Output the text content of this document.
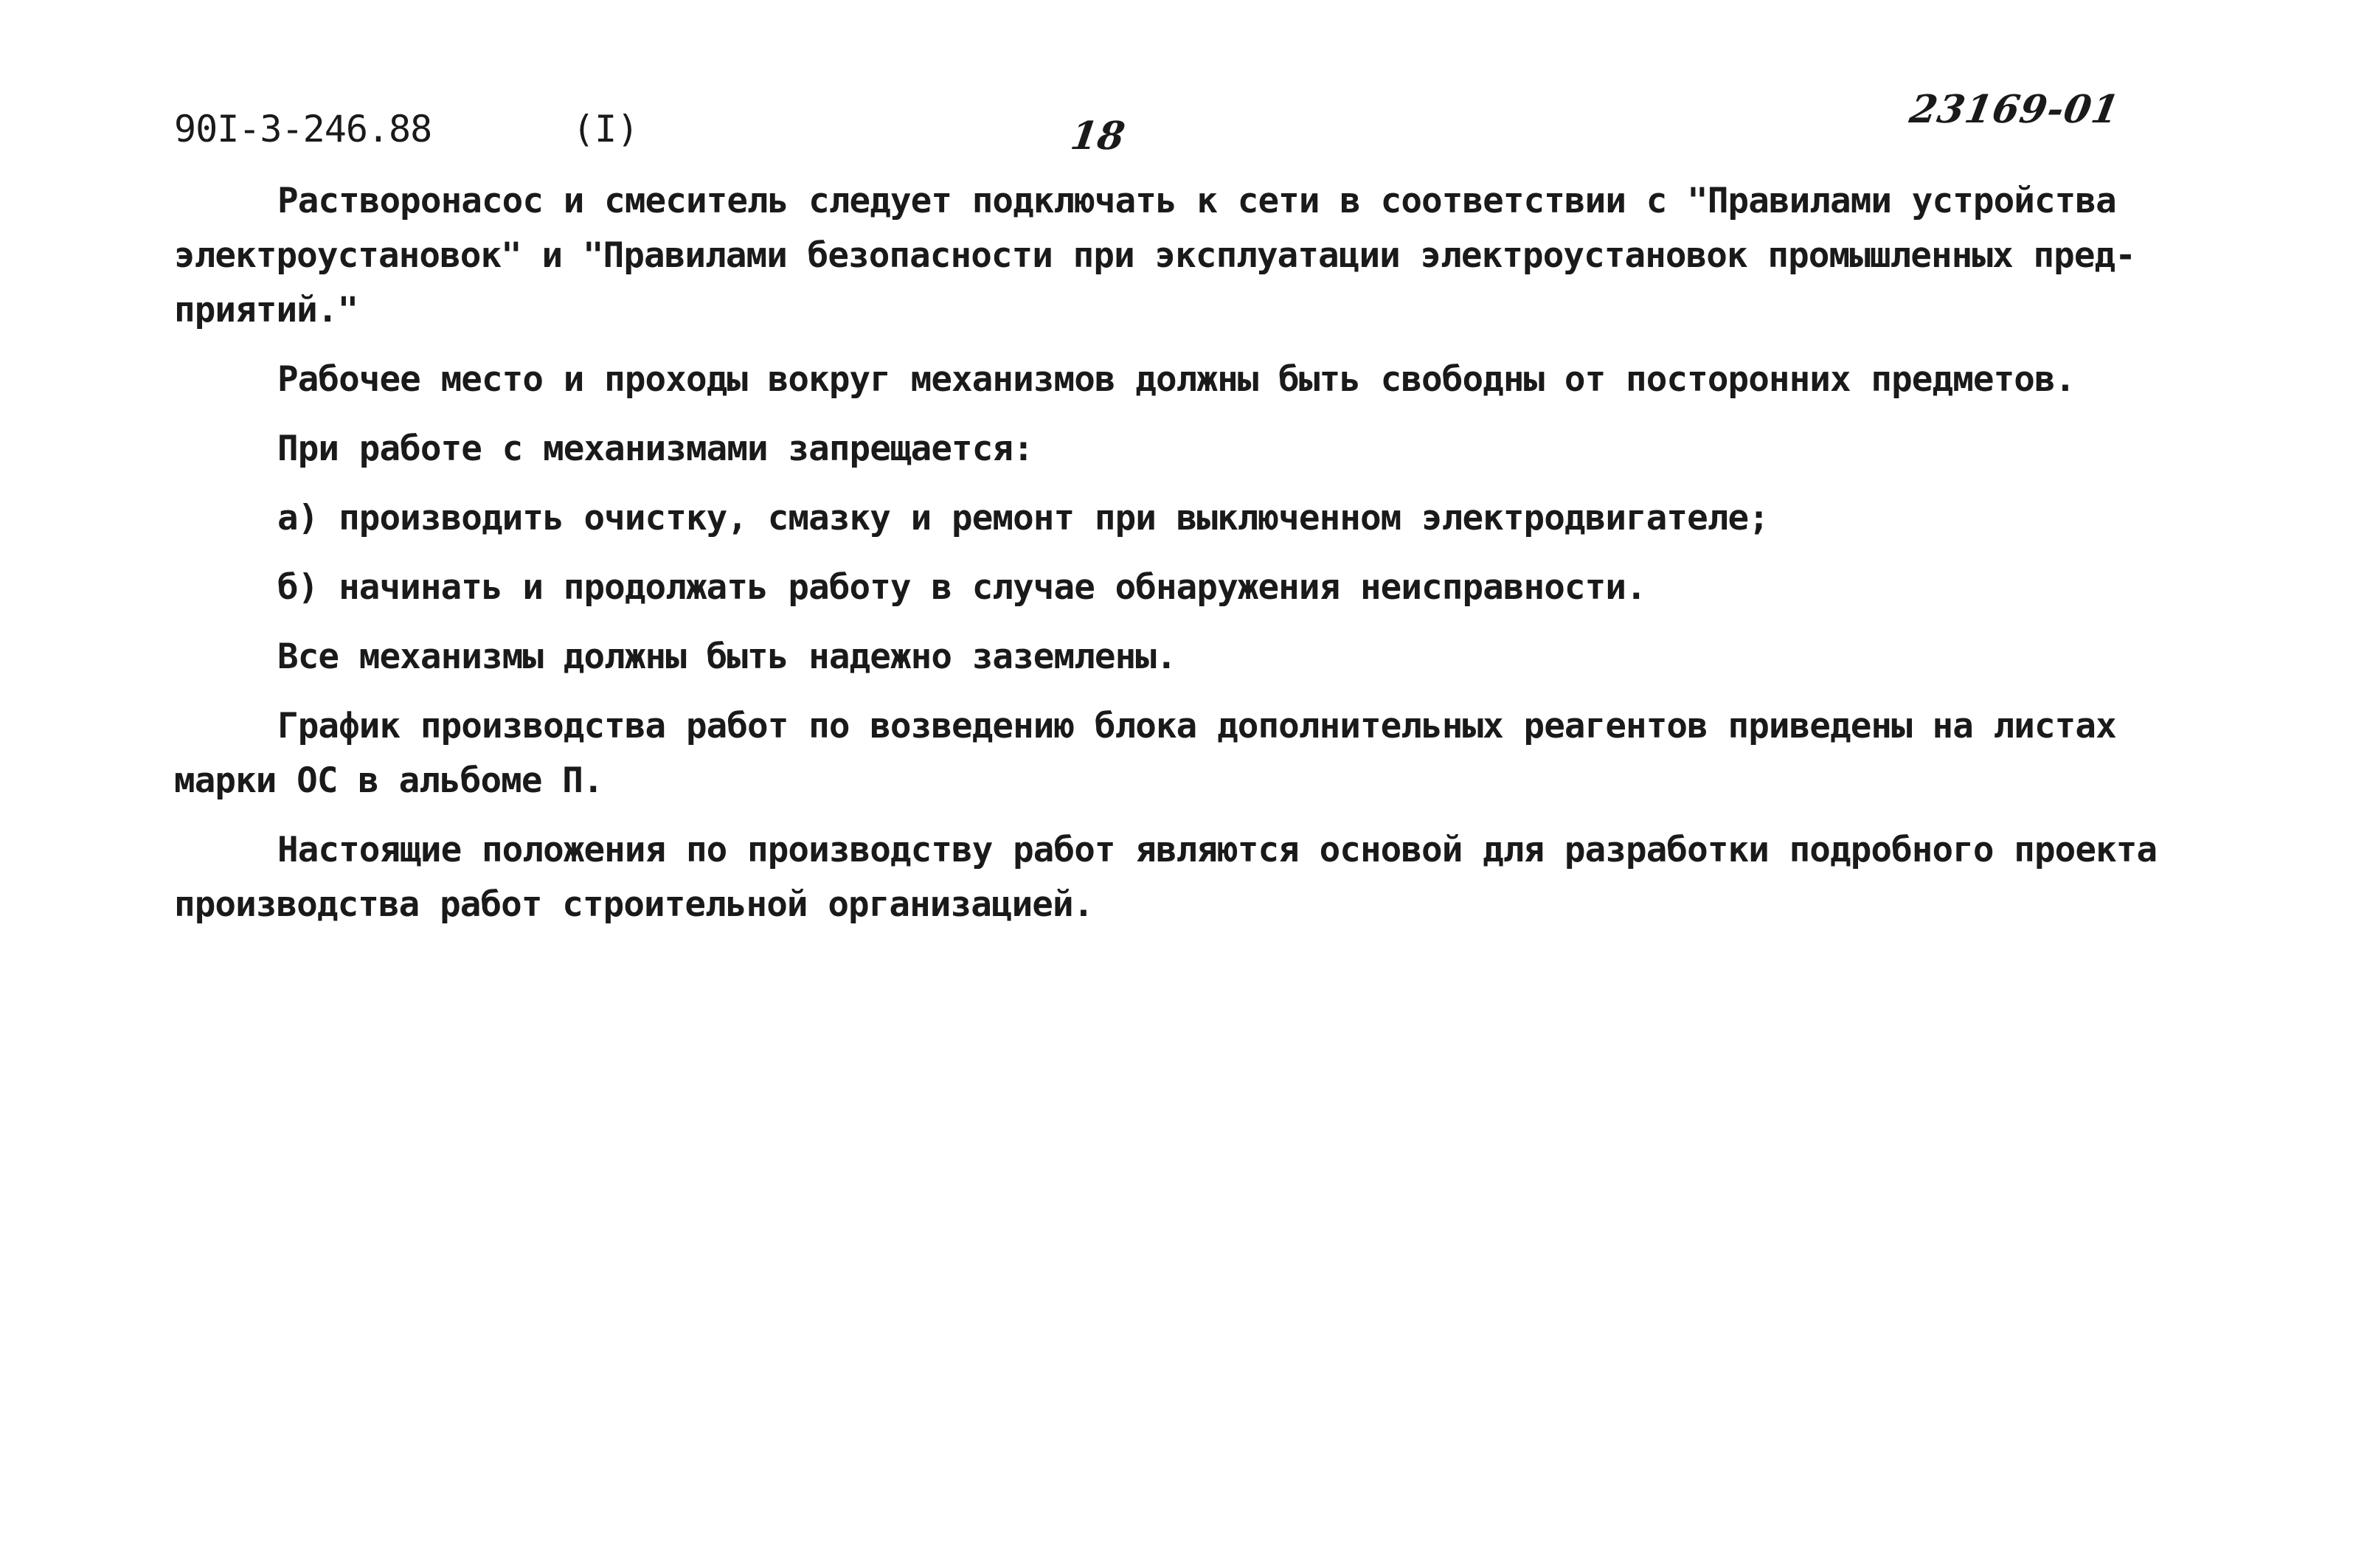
90I-3-246.88	(I)	18
23169-01
Растворонасос и смеситель следует подключать к сети в соответствии с "Правилами устройства
электроустановок" и "Правилами безопасности при эксплуатации электроустановок промышленных пред-
приятий."
Рабочее место и проходы вокруг механизмов должны быть свободны от посторонних предметов.
При работе с механизмами запрещается:
а) производить очистку, смазку и ремонт при выключенном электродвигателе;
б) начинать и продолжать работу в случае обнаружения неисправности.
Все механизмы должны быть надежно заземлены.
График производства работ по возведению блока дополнительных реагентов приведены на листах
марки ОС в альбоме П.
Настоящие положения по производству работ являются основой для разработки подробного проекта
производства работ строительной организацией.
